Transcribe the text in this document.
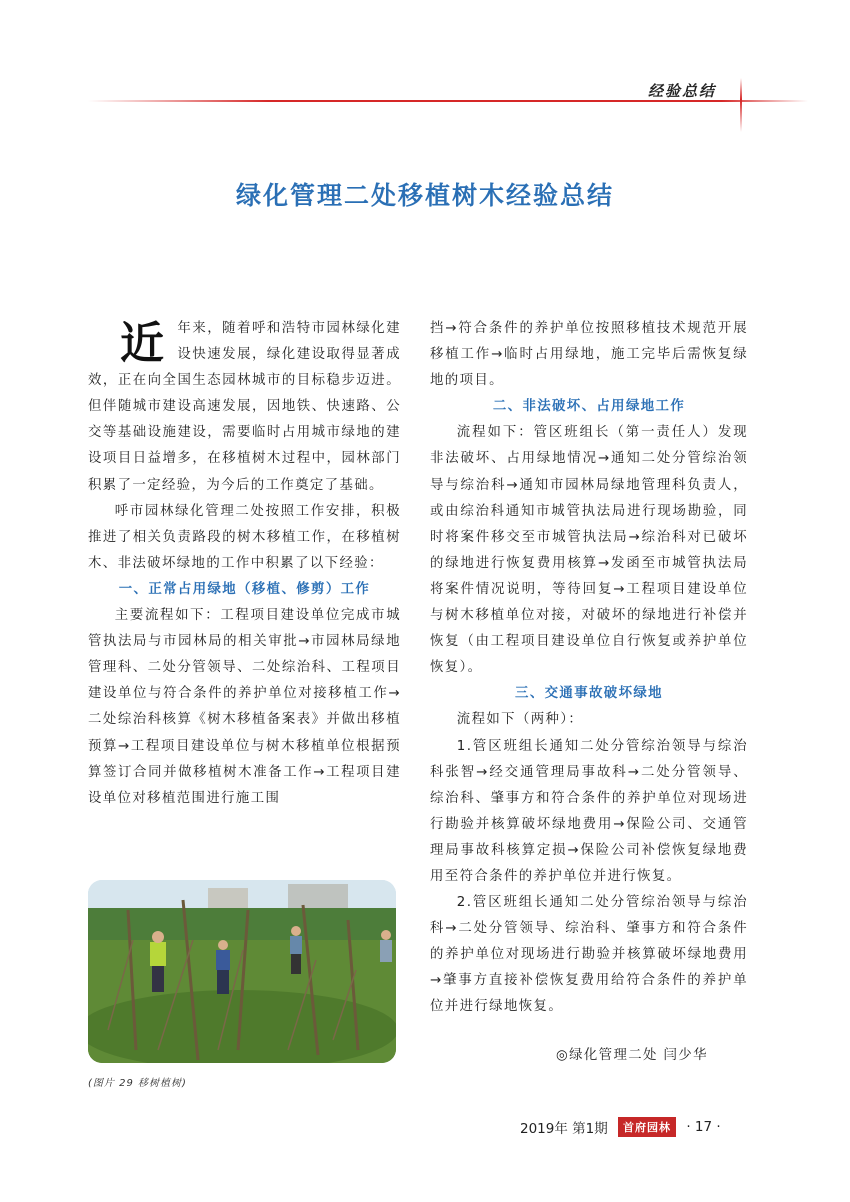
经验总结
绿化管理二处移植树木经验总结

近 年来，随着呼和浩特市园林绿化建设快速发展，绿化建设取得显著成效，正在向全国生态园林城市的目标稳步迈进。但伴随城市建设高速发展，因地铁、快速路、公交等基础设施建设，需要临时占用城市绿地的建设项目日益增多，在移植树木过程中，园林部门积累了一定经验，为今后的工作奠定了基础。

呼市园林绿化管理二处按照工作安排，积极推进了相关负责路段的树木移植工作，在移植树木、非法破坏绿地的工作中积累了以下经验：

一、正常占用绿地（移植、修剪）工作

主要流程如下：工程项目建设单位完成市城管执法局与市园林局的相关审批→市园林局绿地管理科、二处分管领导、二处综治科、工程项目建设单位与符合条件的养护单位对接移植工作→二处综治科核算《树木移植备案表》并做出移植预算→工程项目建设单位与树木移植单位根据预算签订合同并做移植树木准备工作→工程项目建设单位对移植范围进行施工围

挡→符合条件的养护单位按照移植技术规范开展移植工作→临时占用绿地，施工完毕后需恢复绿地的项目。

二、非法破坏、占用绿地工作

流程如下：管区班组长（第一责任人）发现非法破坏、占用绿地情况→通知二处分管综治领导与综治科→通知市园林局绿地管理科负责人，或由综治科通知市城管执法局进行现场勘验，同时将案件移交至市城管执法局→综治科对已破坏的绿地进行恢复费用核算→发函至市城管执法局将案件情况说明，等待回复→工程项目建设单位与树木移植单位对接，对破坏的绿地进行补偿并恢复（由工程项目建设单位自行恢复或养护单位恢复）。

三、交通事故破坏绿地

流程如下（两种）：

1.管区班组长通知二处分管综治领导与综治科张智→经交通管理局事故科→二处分管领导、综治科、肇事方和符合条件的养护单位对现场进行勘验并核算破坏绿地费用→保险公司、交通管理局事故科核算定损→保险公司补偿恢复绿地费用至符合条件的养护单位并进行恢复。

2.管区班组长通知二处分管综治领导与综治科→二处分管领导、综治科、肇事方和符合条件的养护单位对现场进行勘验并核算破坏绿地费用→肇事方直接补偿恢复费用给符合条件的养护单位并进行绿地恢复。

◎绿化管理二处 闫少华
(图片 29 移树植树)
2019年 第1期 首府园林 · 17 ·
